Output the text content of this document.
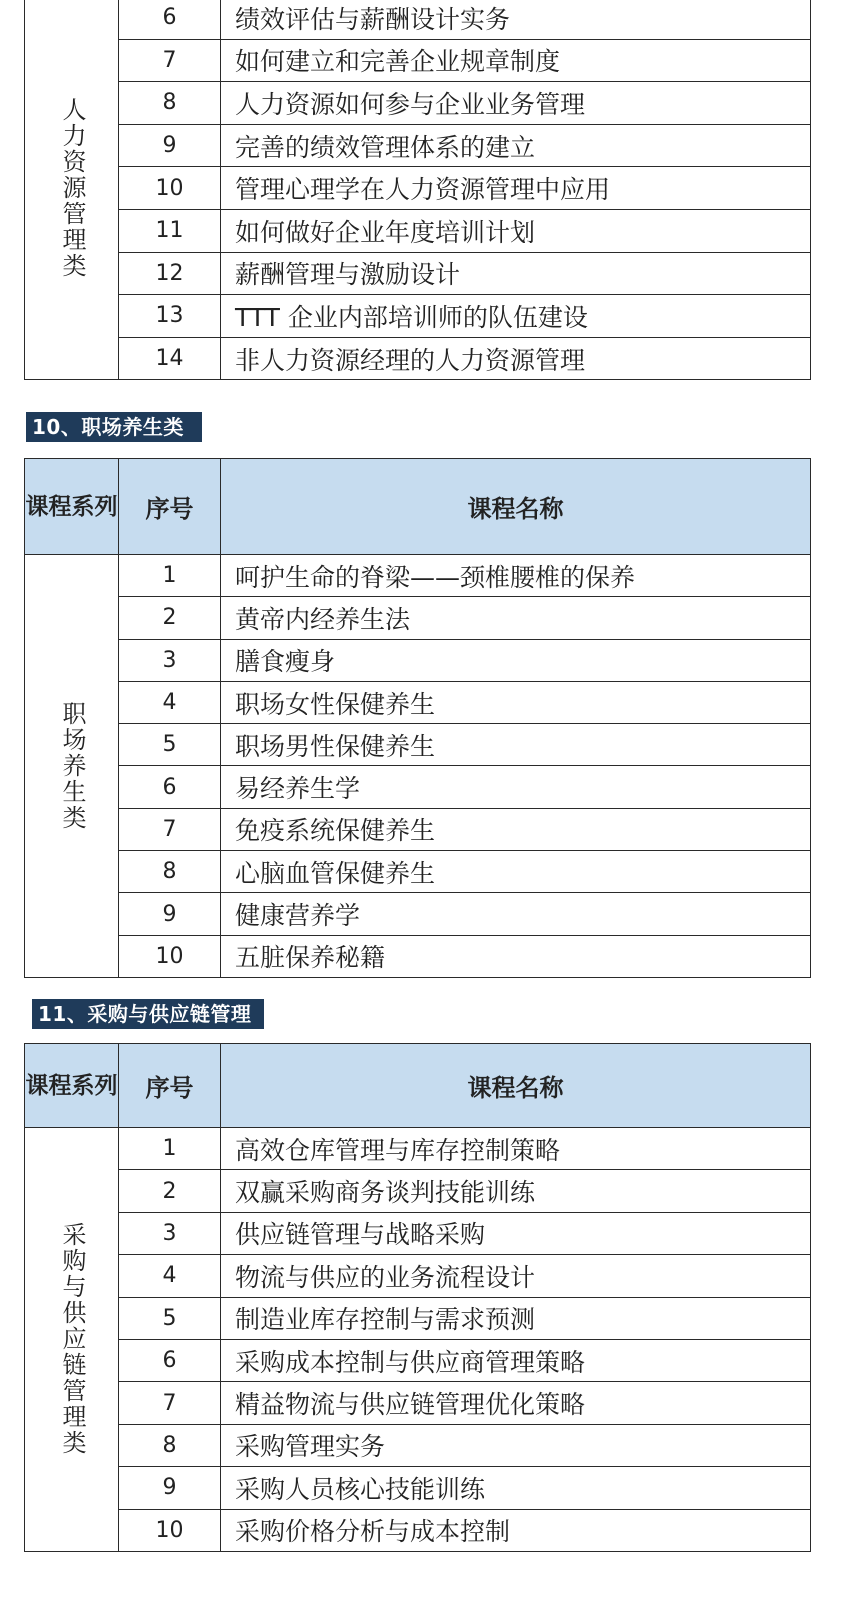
人力资源管理类	6	绩效评估与薪酬设计实务
	7	如何建立和完善企业规章制度
	8	人力资源如何参与企业业务管理
	9	完善的绩效管理体系的建立
	10	管理心理学在人力资源管理中应用
	11	如何做好企业年度培训计划
	12	薪酬管理与激励设计
	13	TTT 企业内部培训师的队伍建设
	14	非人力资源经理的人力资源管理
10、职场养生类
课程系列	序号	课程名称

职场养生类	1	呵护生命的脊梁——颈椎腰椎的保养
	2	黄帝内经养生法
	3	膳食瘦身
	4	职场女性保健养生
	5	职场男性保健养生
	6	易经养生学
	7	免疫系统保健养生
	8	心脑血管保健养生
	9	健康营养学
	10	五脏保养秘籍
11、采购与供应链管理
课程系列	序号	课程名称

采购与供应链管理类	1	高效仓库管理与库存控制策略
	2	双赢采购商务谈判技能训练
	3	供应链管理与战略采购
	4	物流与供应的业务流程设计
	5	制造业库存控制与需求预测
	6	采购成本控制与供应商管理策略
	7	精益物流与供应链管理优化策略
	8	采购管理实务
	9	采购人员核心技能训练
	10	采购价格分析与成本控制
